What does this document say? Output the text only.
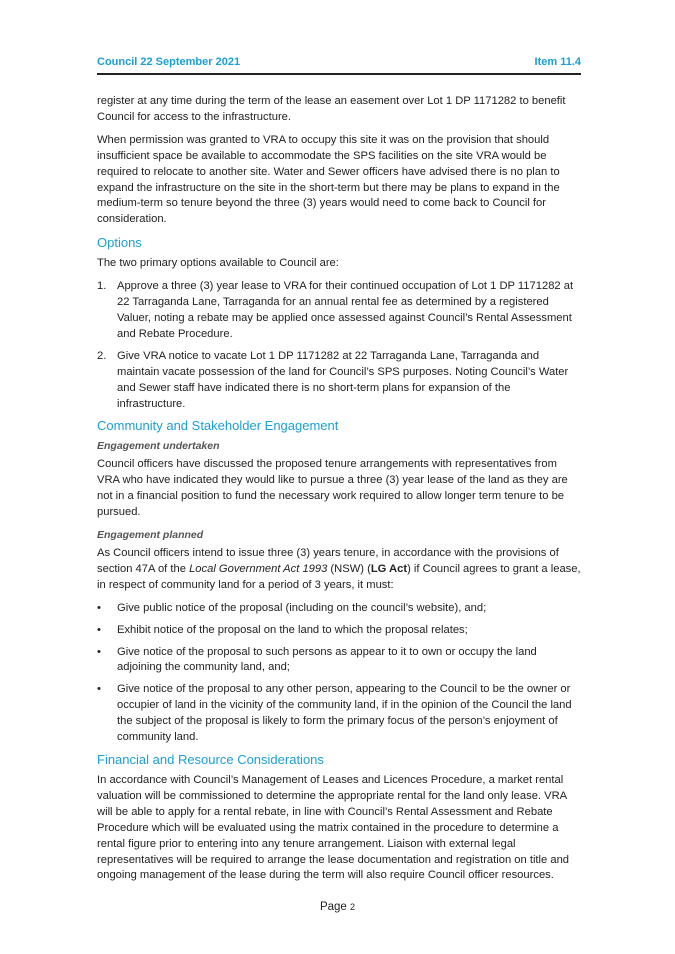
Council 22 September 2021	Item 11.4

register at any time during the term of the lease an easement over Lot 1 DP 1171282 to benefit Council for access to the infrastructure.

When permission was granted to VRA to occupy this site it was on the provision that should insufficient space be available to accommodate the SPS facilities on the site VRA would be required to relocate to another site. Water and Sewer officers have advised there is no plan to expand the infrastructure on the site in the short-term but there may be plans to expand in the medium-term so tenure beyond the three (3) years would need to come back to Council for consideration.

Options

The two primary options available to Council are:

1. Approve a three (3) year lease to VRA for their continued occupation of Lot 1 DP 1171282 at 22 Tarraganda Lane, Tarraganda for an annual rental fee as determined by a registered Valuer, noting a rebate may be applied once assessed against Council’s Rental Assessment and Rebate Procedure.
2. Give VRA notice to vacate Lot 1 DP 1171282 at 22 Tarraganda Lane, Tarraganda and maintain vacate possession of the land for Council’s SPS purposes. Noting Council’s Water and Sewer staff have indicated there is no short-term plans for expansion of the infrastructure.
Community and Stakeholder Engagement
Engagement undertaken

Council officers have discussed the proposed tenure arrangements with representatives from VRA who have indicated they would like to pursue a three (3) year lease of the land as they are not in a financial position to fund the necessary work required to allow longer term tenure to be pursued.

Engagement planned

As Council officers intend to issue three (3) years tenure, in accordance with the provisions of section 47A of the Local Government Act 1993 (NSW) (LG Act) if Council agrees to grant a lease, in respect of community land for a period of 3 years, it must:

• Give public notice of the proposal (including on the council’s website), and;
• Exhibit notice of the proposal on the land to which the proposal relates;
• Give notice of the proposal to such persons as appear to it to own or occupy the land adjoining the community land, and;
• Give notice of the proposal to any other person, appearing to the Council to be the owner or occupier of land in the vicinity of the community land, if in the opinion of the Council the land the subject of the proposal is likely to form the primary focus of the person’s enjoyment of community land.
Financial and Resource Considerations

In accordance with Council’s Management of Leases and Licences Procedure, a market rental valuation will be commissioned to determine the appropriate rental for the land only lease. VRA will be able to apply for a rental rebate, in line with Council’s Rental Assessment and Rebate Procedure which will be evaluated using the matrix contained in the procedure to determine a rental figure prior to entering into any tenure arrangement. Liaison with external legal representatives will be required to arrange the lease documentation and registration on title and ongoing management of the lease during the term will also require Council officer resources.

Page 2
